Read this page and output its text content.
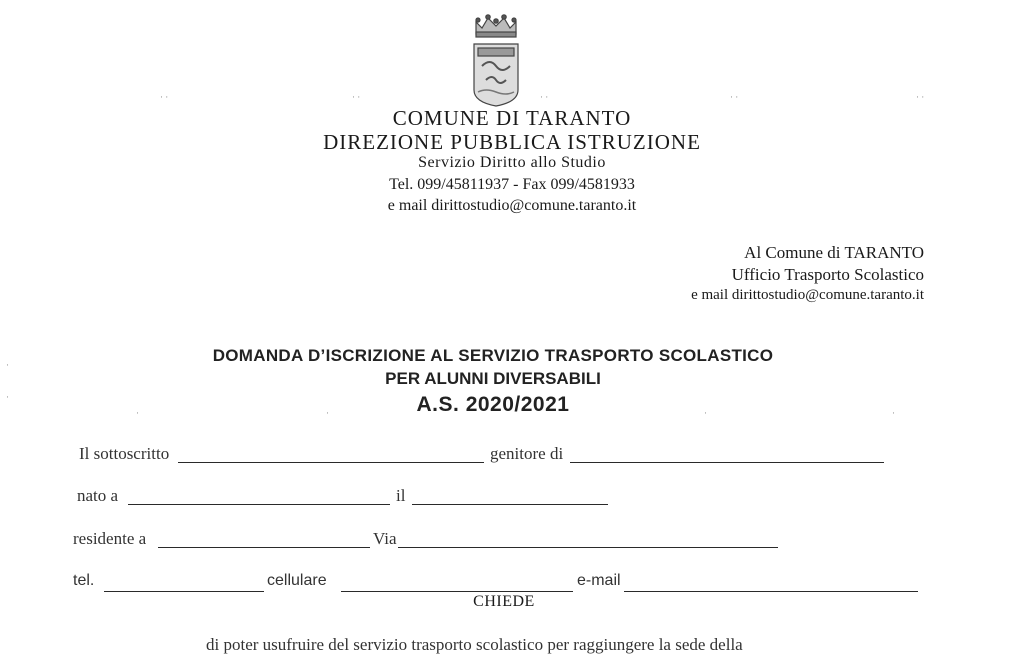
COMUNE DI TARANTO
DIREZIONE PUBBLICA ISTRUZIONE
Servizio Diritto allo Studio
Tel. 099/45811937 - Fax 099/4581933
e mail dirittostudio@comune.taranto.it
Al Comune di TARANTO
Ufficio Trasporto Scolastico
e mail dirittostudio@comune.taranto.it
DOMANDA D’ISCRIZIONE AL SERVIZIO TRASPORTO SCOLASTICO
PER ALUNNI DIVERSABILI
A.S. 2020/2021
Il sottoscritto	genitore di
nato a	il
residente a	Via
tel.	cellulare	e-mail
CHIEDE
di poter usufruire del servizio trasporto scolastico per raggiungere la sede della
· ·	· ·	· ·	· ·	· ·
·	·	·	·
·
·
